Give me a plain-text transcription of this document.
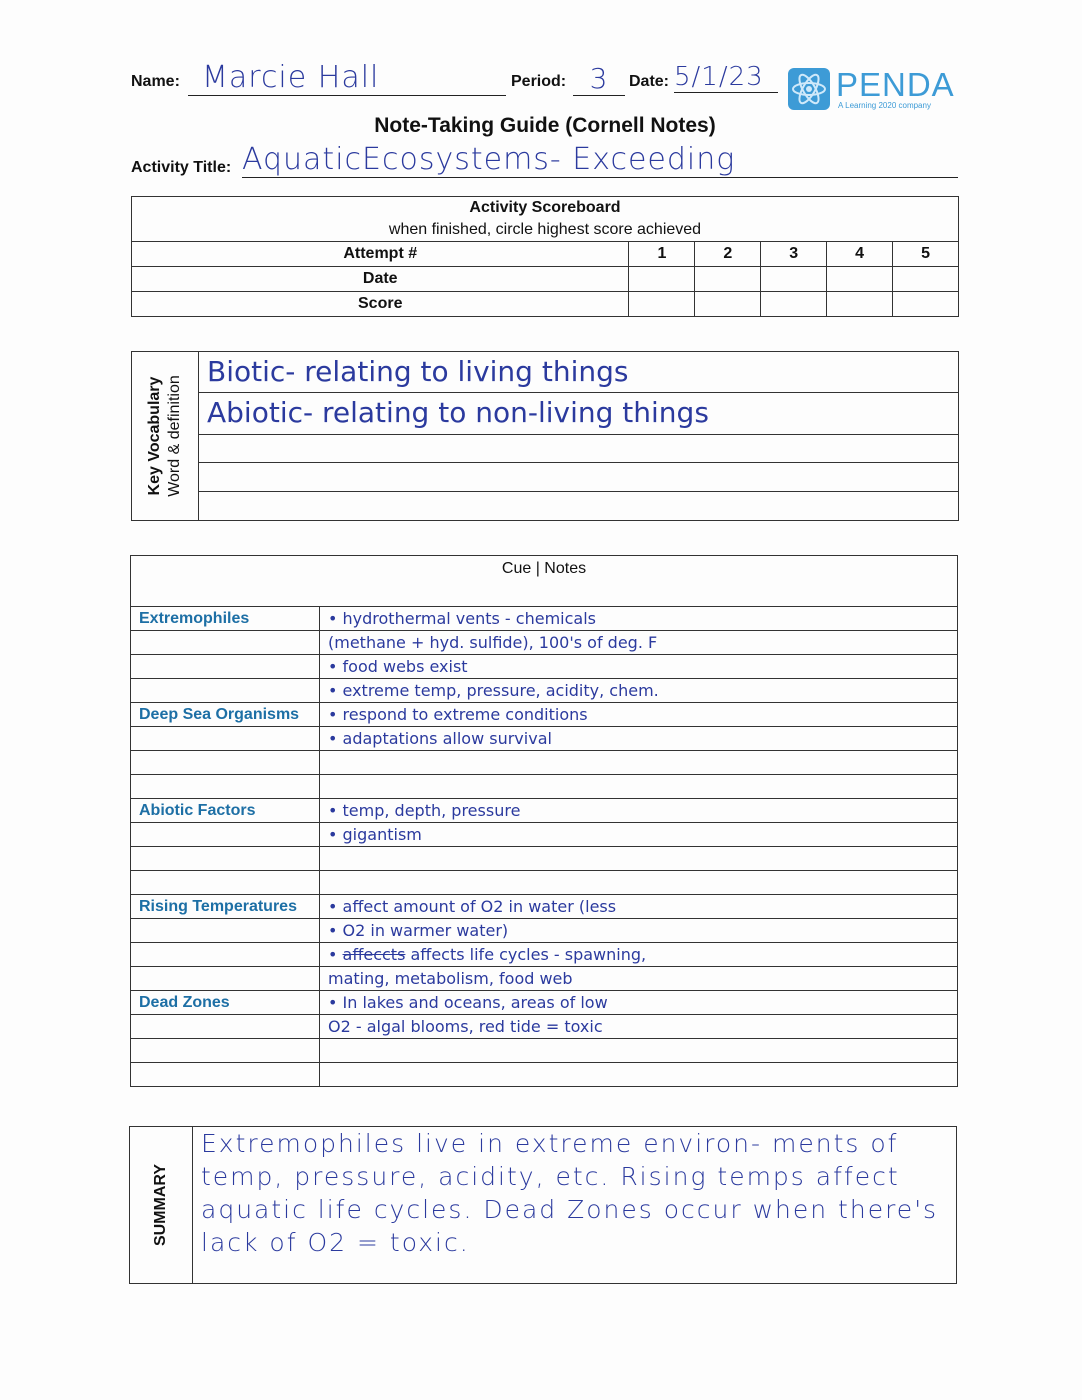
Name: Marcie Hall	Period: 3	Date: 5/1/23	PENDA
A Learning 2020 company
Note-Taking Guide (Cornell Notes)
Activity Title: AquaticEcosystems- Exceeding
Activity Scoreboard
when finished, circle highest score achieved					
Attempt #	1	2	3	4	5
Date					
Score					
Key Vocabulary Word & definition
	Biotic- relating to living things
Abiotic- relating to non-living things

Cue | Notes	
Extremophiles	• hydrothermal vents - chemicals
	(methane + hyd. sulfide), 100's of deg. F
	• food webs exist
	• extreme temp, pressure, acidity, chem.
Deep Sea Organisms	• respond to extreme conditions
	• adaptations allow survival

Abiotic Factors	• temp, depth, pressure
	• gigantism

Rising Temperatures	• affect amount of O2 in water (less
	• O2 in warmer water)
	• affeccts affects life cycles - spawning,
	mating, metabolism, food web
Dead Zones	• In lakes and oceans, areas of low
	O2 - algal blooms, red tide = toxic

SUMMARY
	Extremophiles live in extreme environ- ments of temp, pressure, acidity, etc. Rising temps affect aquatic life cycles. Dead Zones occur when there's lack of O2 = toxic.
